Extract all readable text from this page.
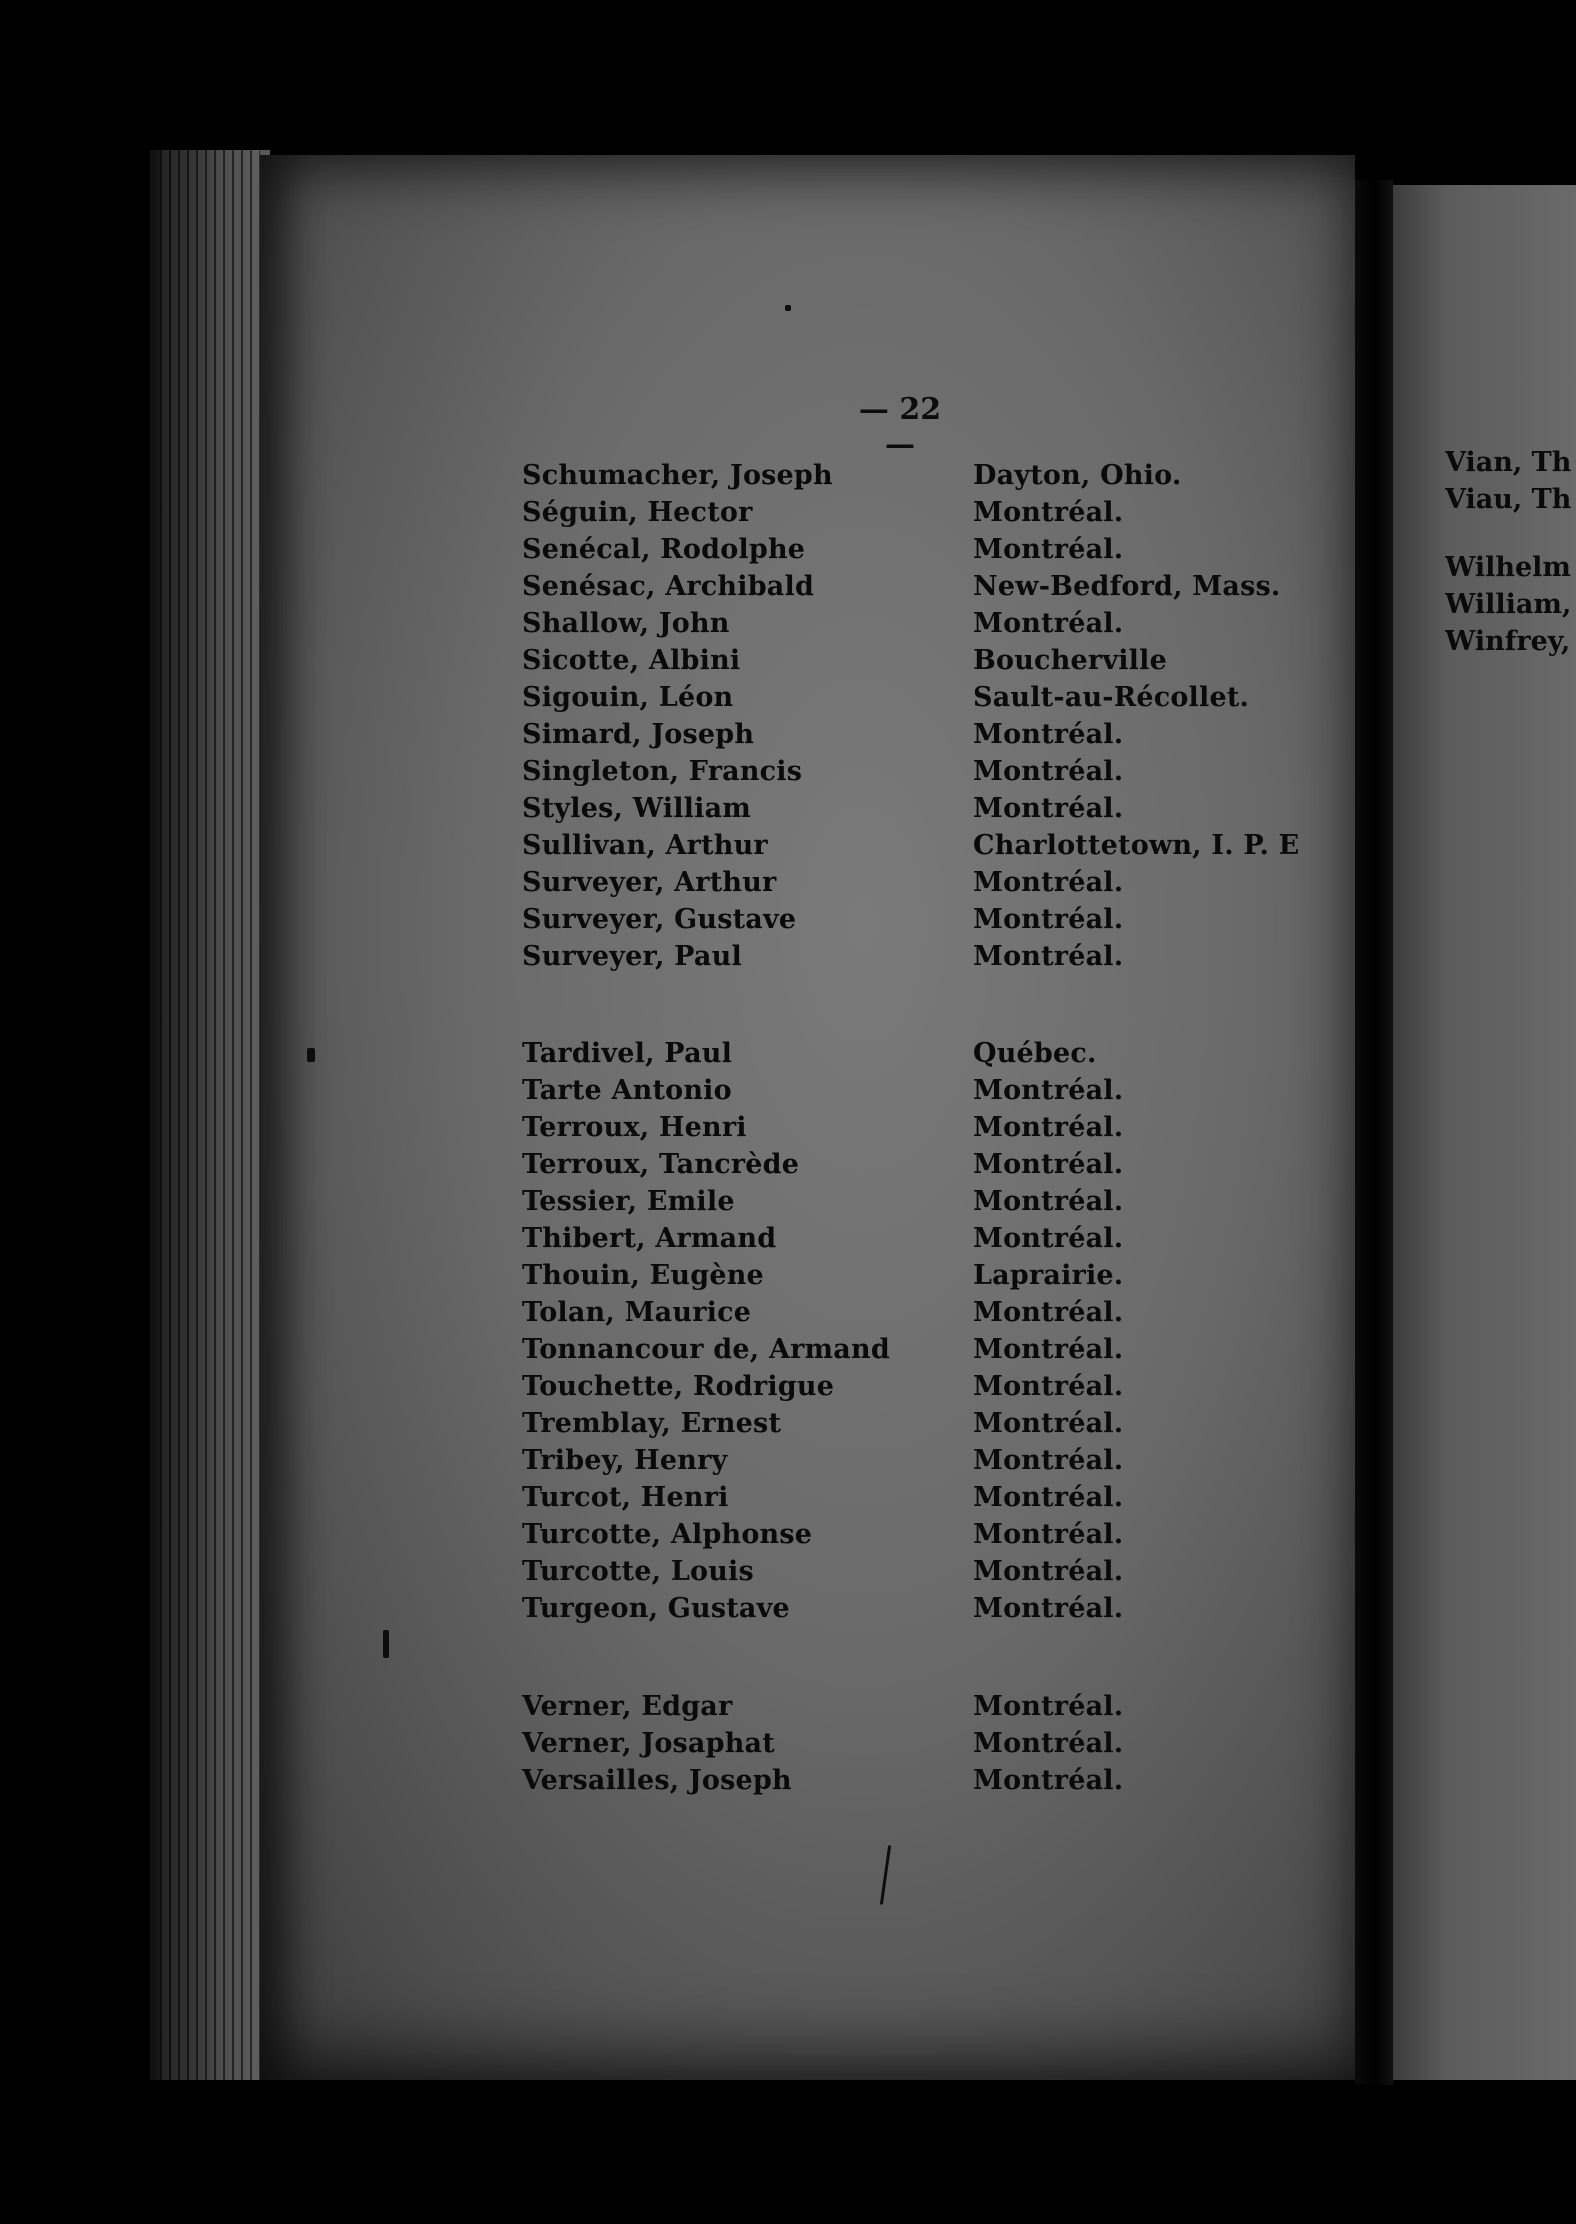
— 22 —
Schumacher, Joseph	Dayton, Ohio.
Séguin, Hector	Montréal.
Senécal, Rodolphe	Montréal.
Senésac, Archibald	New-Bedford, Mass.
Shallow, John	Montréal.
Sicotte, Albini	Boucherville
Sigouin, Léon	Sault-au-Récollet.
Simard, Joseph	Montréal.
Singleton, Francis	Montréal.
Styles, William	Montréal.
Sullivan, Arthur	Charlottetown, I. P. E
Surveyer, Arthur	Montréal.
Surveyer, Gustave	Montréal.
Surveyer, Paul	Montréal.
Tardivel, Paul	Québec.
Tarte Antonio	Montréal.
Terroux, Henri	Montréal.
Terroux, Tancrède	Montréal.
Tessier, Emile	Montréal.
Thibert, Armand	Montréal.
Thouin, Eugène	Laprairie.
Tolan, Maurice	Montréal.
Tonnancour de, Armand	Montréal.
Touchette, Rodrigue	Montréal.
Tremblay, Ernest	Montréal.
Tribey, Henry	Montréal.
Turcot, Henri	Montréal.
Turcotte, Alphonse	Montréal.
Turcotte, Louis	Montréal.
Turgeon, Gustave	Montréal.
Verner, Edgar	Montréal.
Verner, Josaphat	Montréal.
Versailles, Joseph	Montréal.
Vian, Th
Viau, Th
Wilhelm
William,
Winfrey,
